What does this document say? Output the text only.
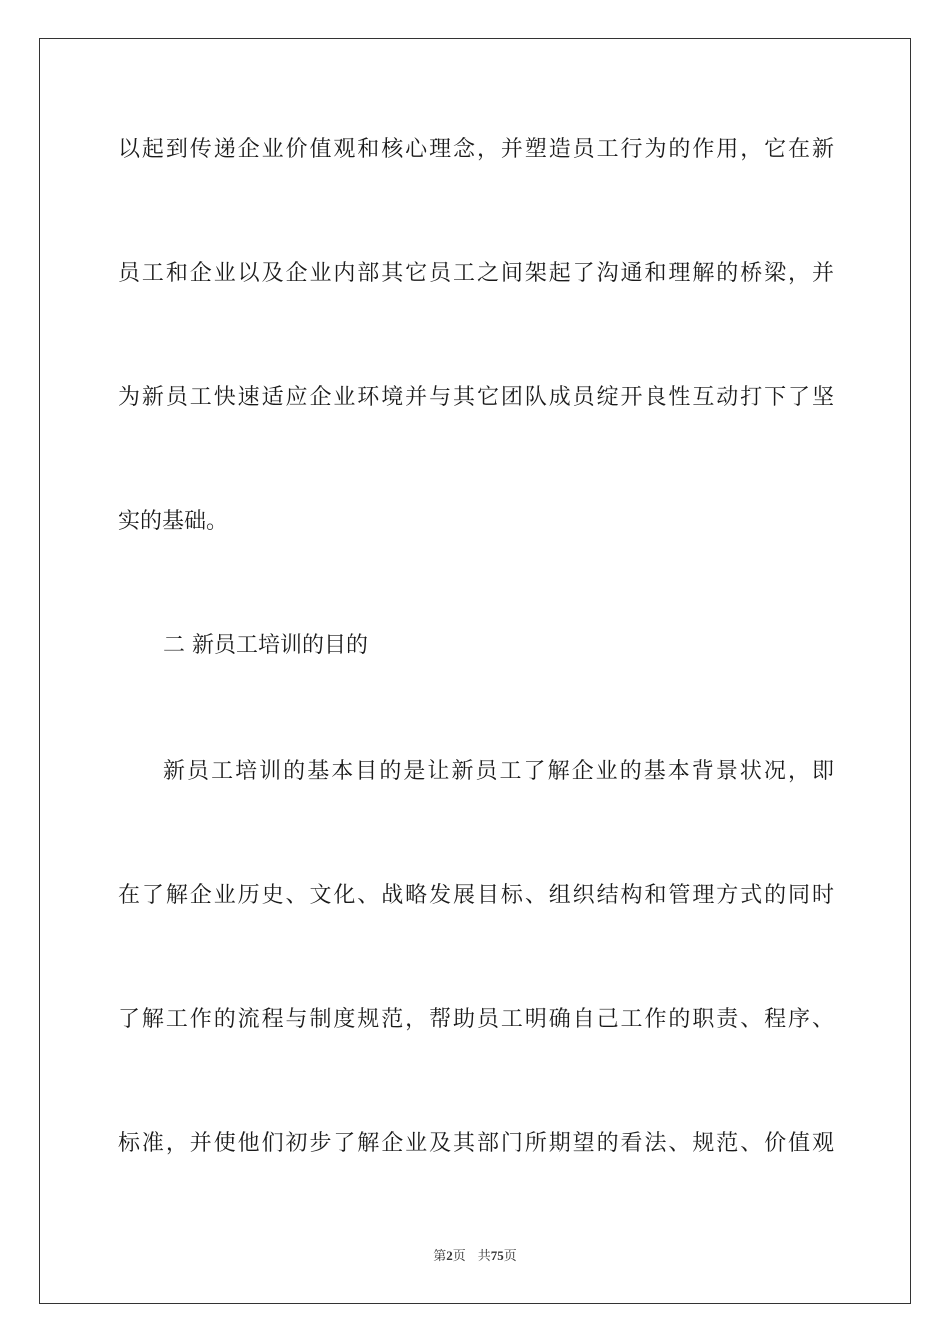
以起到传递企业价值观和核心理念，并塑造员工行为的作用，它在新
员工和企业以及企业内部其它员工之间架起了沟通和理解的桥梁，并
为新员工快速适应企业环境并与其它团队成员绽开良性互动打下了坚
实的基础。
二 新员工培训的目的
新员工培训的基本目的是让新员工了解企业的基本背景状况，即
在了解企业历史、文化、战略发展目标、组织结构和管理方式的同时
了解工作的流程与制度规范，帮助员工明确自己工作的职责、程序、
标准，并使他们初步了解企业及其部门所期望的看法、规范、价值观
第2页 共75页
